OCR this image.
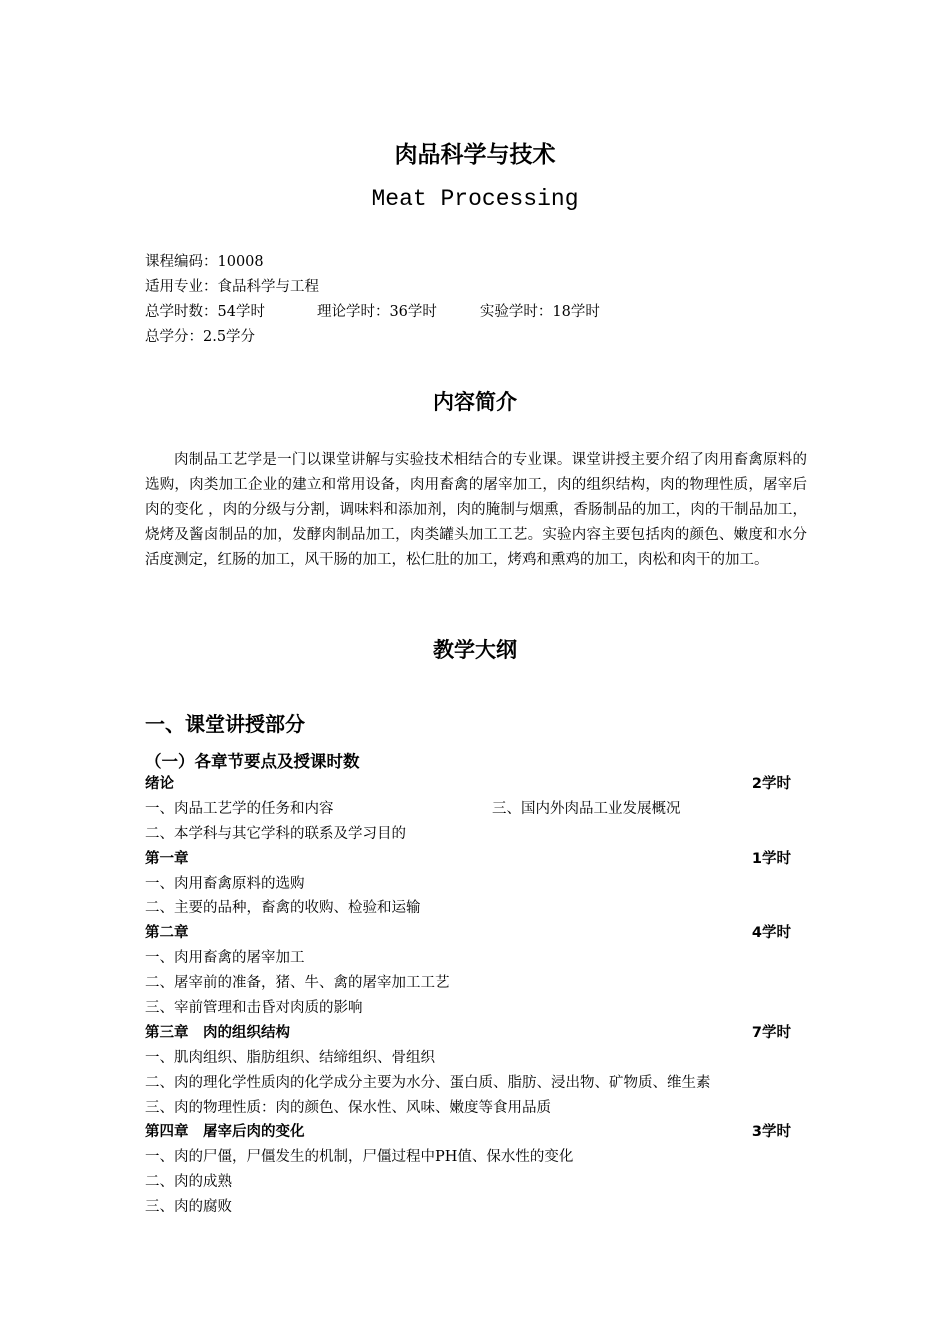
肉品科学与技术
Meat Processing
课程编码：10008
适用专业：食品科学与工程
总学时数：54学时	理论学时：36学时	实验学时：18学时
总学分：2.5学分
内容简介
肉制品工艺学是一门以课堂讲解与实验技术相结合的专业课。课堂讲授主要介绍了肉用畜禽原料的选购，肉类加工企业的建立和常用设备，肉用畜禽的屠宰加工，肉的组织结构，肉的物理性质，屠宰后肉的变化 ，肉的分级与分割，调味料和添加剂，肉的腌制与烟熏，香肠制品的加工，肉的干制品加工，烧烤及酱卤制品的加，发酵肉制品加工，肉类罐头加工工艺。实验内容主要包括肉的颜色、嫩度和水分活度测定，红肠的加工，风干肠的加工，松仁肚的加工，烤鸡和熏鸡的加工，肉松和肉干的加工。
教学大纲
一、课堂讲授部分
（一）各章节要点及授课时数
绪论	2学时
一、肉品工艺学的任务和内容	三、国内外肉品工业发展概况
二、本学科与其它学科的联系及学习目的
第一章	1学时
一、肉用畜禽原料的选购
二、主要的品种，畜禽的收购、检验和运输
第二章	4学时
一、肉用畜禽的屠宰加工
二、屠宰前的准备，猪、牛、禽的屠宰加工工艺
三、宰前管理和击昏对肉质的影响
第三章　肉的组织结构	7学时
一、肌肉组织、脂肪组织、结缔组织、骨组织
二、肉的理化学性质肉的化学成分主要为水分、蛋白质、脂肪、浸出物、矿物质、维生素
三、肉的物理性质：肉的颜色、保水性、风味、嫩度等食用品质
第四章　屠宰后肉的变化	3学时
一、肉的尸僵，尸僵发生的机制，尸僵过程中PH值、保水性的变化
二、肉的成熟
三、肉的腐败
